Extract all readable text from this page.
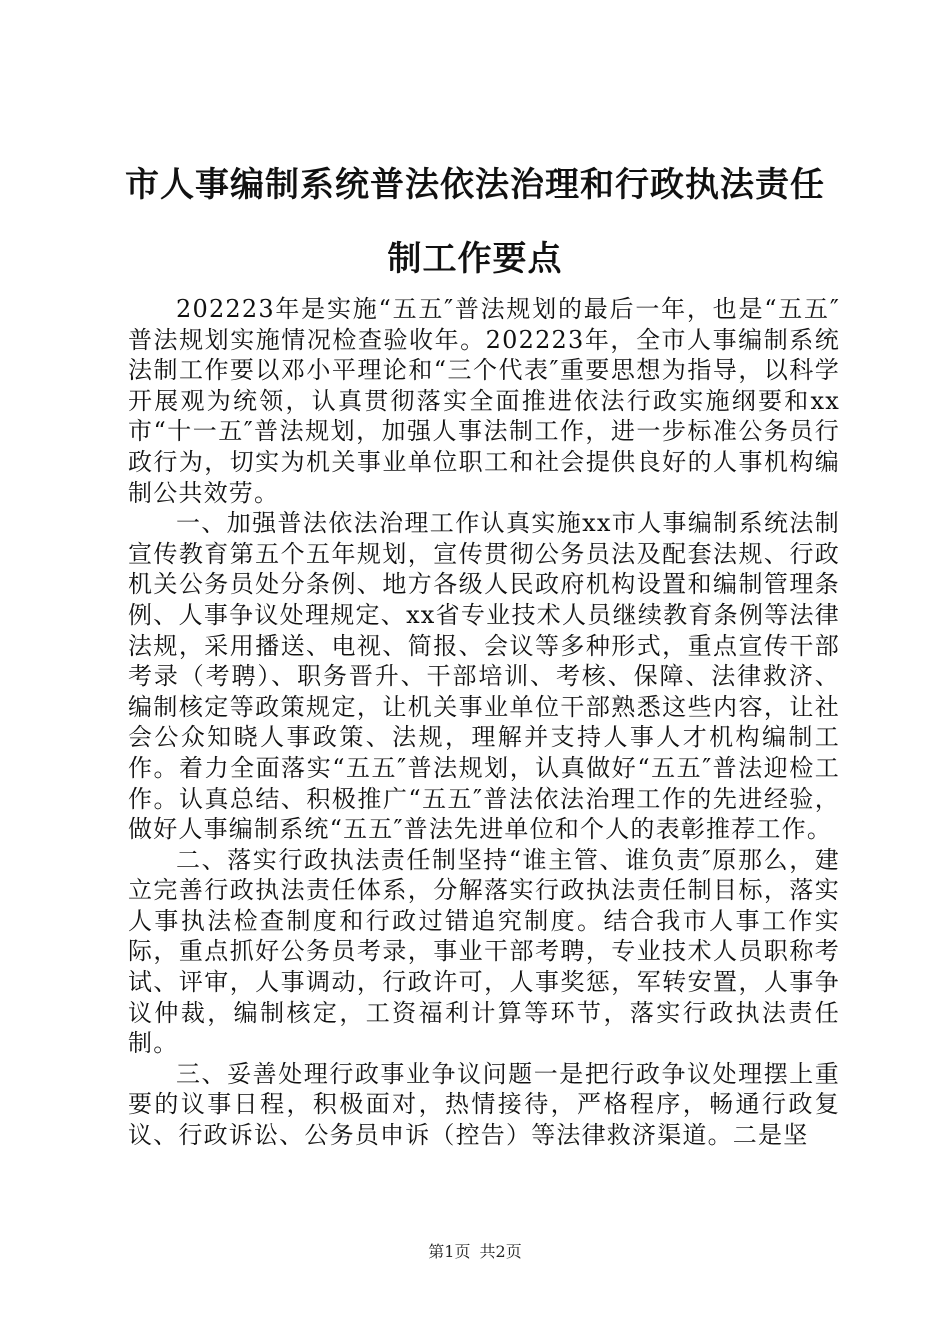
市人事编制系统普法依法治理和行政执法责任
制工作要点

202223年是实施“五五″普法规划的最后一年，也是“五五″普法规划实施情况检查验收年。202223年，全市人事编制系统法制工作要以邓小平理论和“三个代表″重要思想为指导，以科学开展观为统领，认真贯彻落实全面推进依法行政实施纲要和xx市“十一五″普法规划，加强人事法制工作，进一步标准公务员行政行为，切实为机关事业单位职工和社会提供良好的人事机构编制公共效劳。

一、加强普法依法治理工作认真实施xx市人事编制系统法制宣传教育第五个五年规划，宣传贯彻公务员法及配套法规、行政机关公务员处分条例、地方各级人民政府机构设置和编制管理条例、人事争议处理规定、xx省专业技术人员继续教育条例等法律法规，采用播送、电视、简报、会议等多种形式，重点宣传干部考录（考聘）、职务晋升、干部培训、考核、保障、法律救济、编制核定等政策规定，让机关事业单位干部熟悉这些内容，让社会公众知晓人事政策、法规，理解并支持人事人才机构编制工作。着力全面落实“五五″普法规划，认真做好“五五″普法迎检工作。认真总结、积极推广“五五″普法依法治理工作的先进经验，做好人事编制系统“五五″普法先进单位和个人的表彰推荐工作。

二、落实行政执法责任制坚持“谁主管、谁负责″原那么，建立完善行政执法责任体系，分解落实行政执法责任制目标，落实人事执法检查制度和行政过错追究制度。结合我市人事工作实际，重点抓好公务员考录，事业干部考聘，专业技术人员职称考试、评审，人事调动，行政许可，人事奖惩，军转安置，人事争议仲裁，编制核定，工资福利计算等环节，落实行政执法责任制。

三、妥善处理行政事业争议问题一是把行政争议处理摆上重要的议事日程，积极面对，热情接待，严格程序，畅通行政复议、行政诉讼、公务员申诉（控告）等法律救济渠道。二是坚

第1页 共2页
